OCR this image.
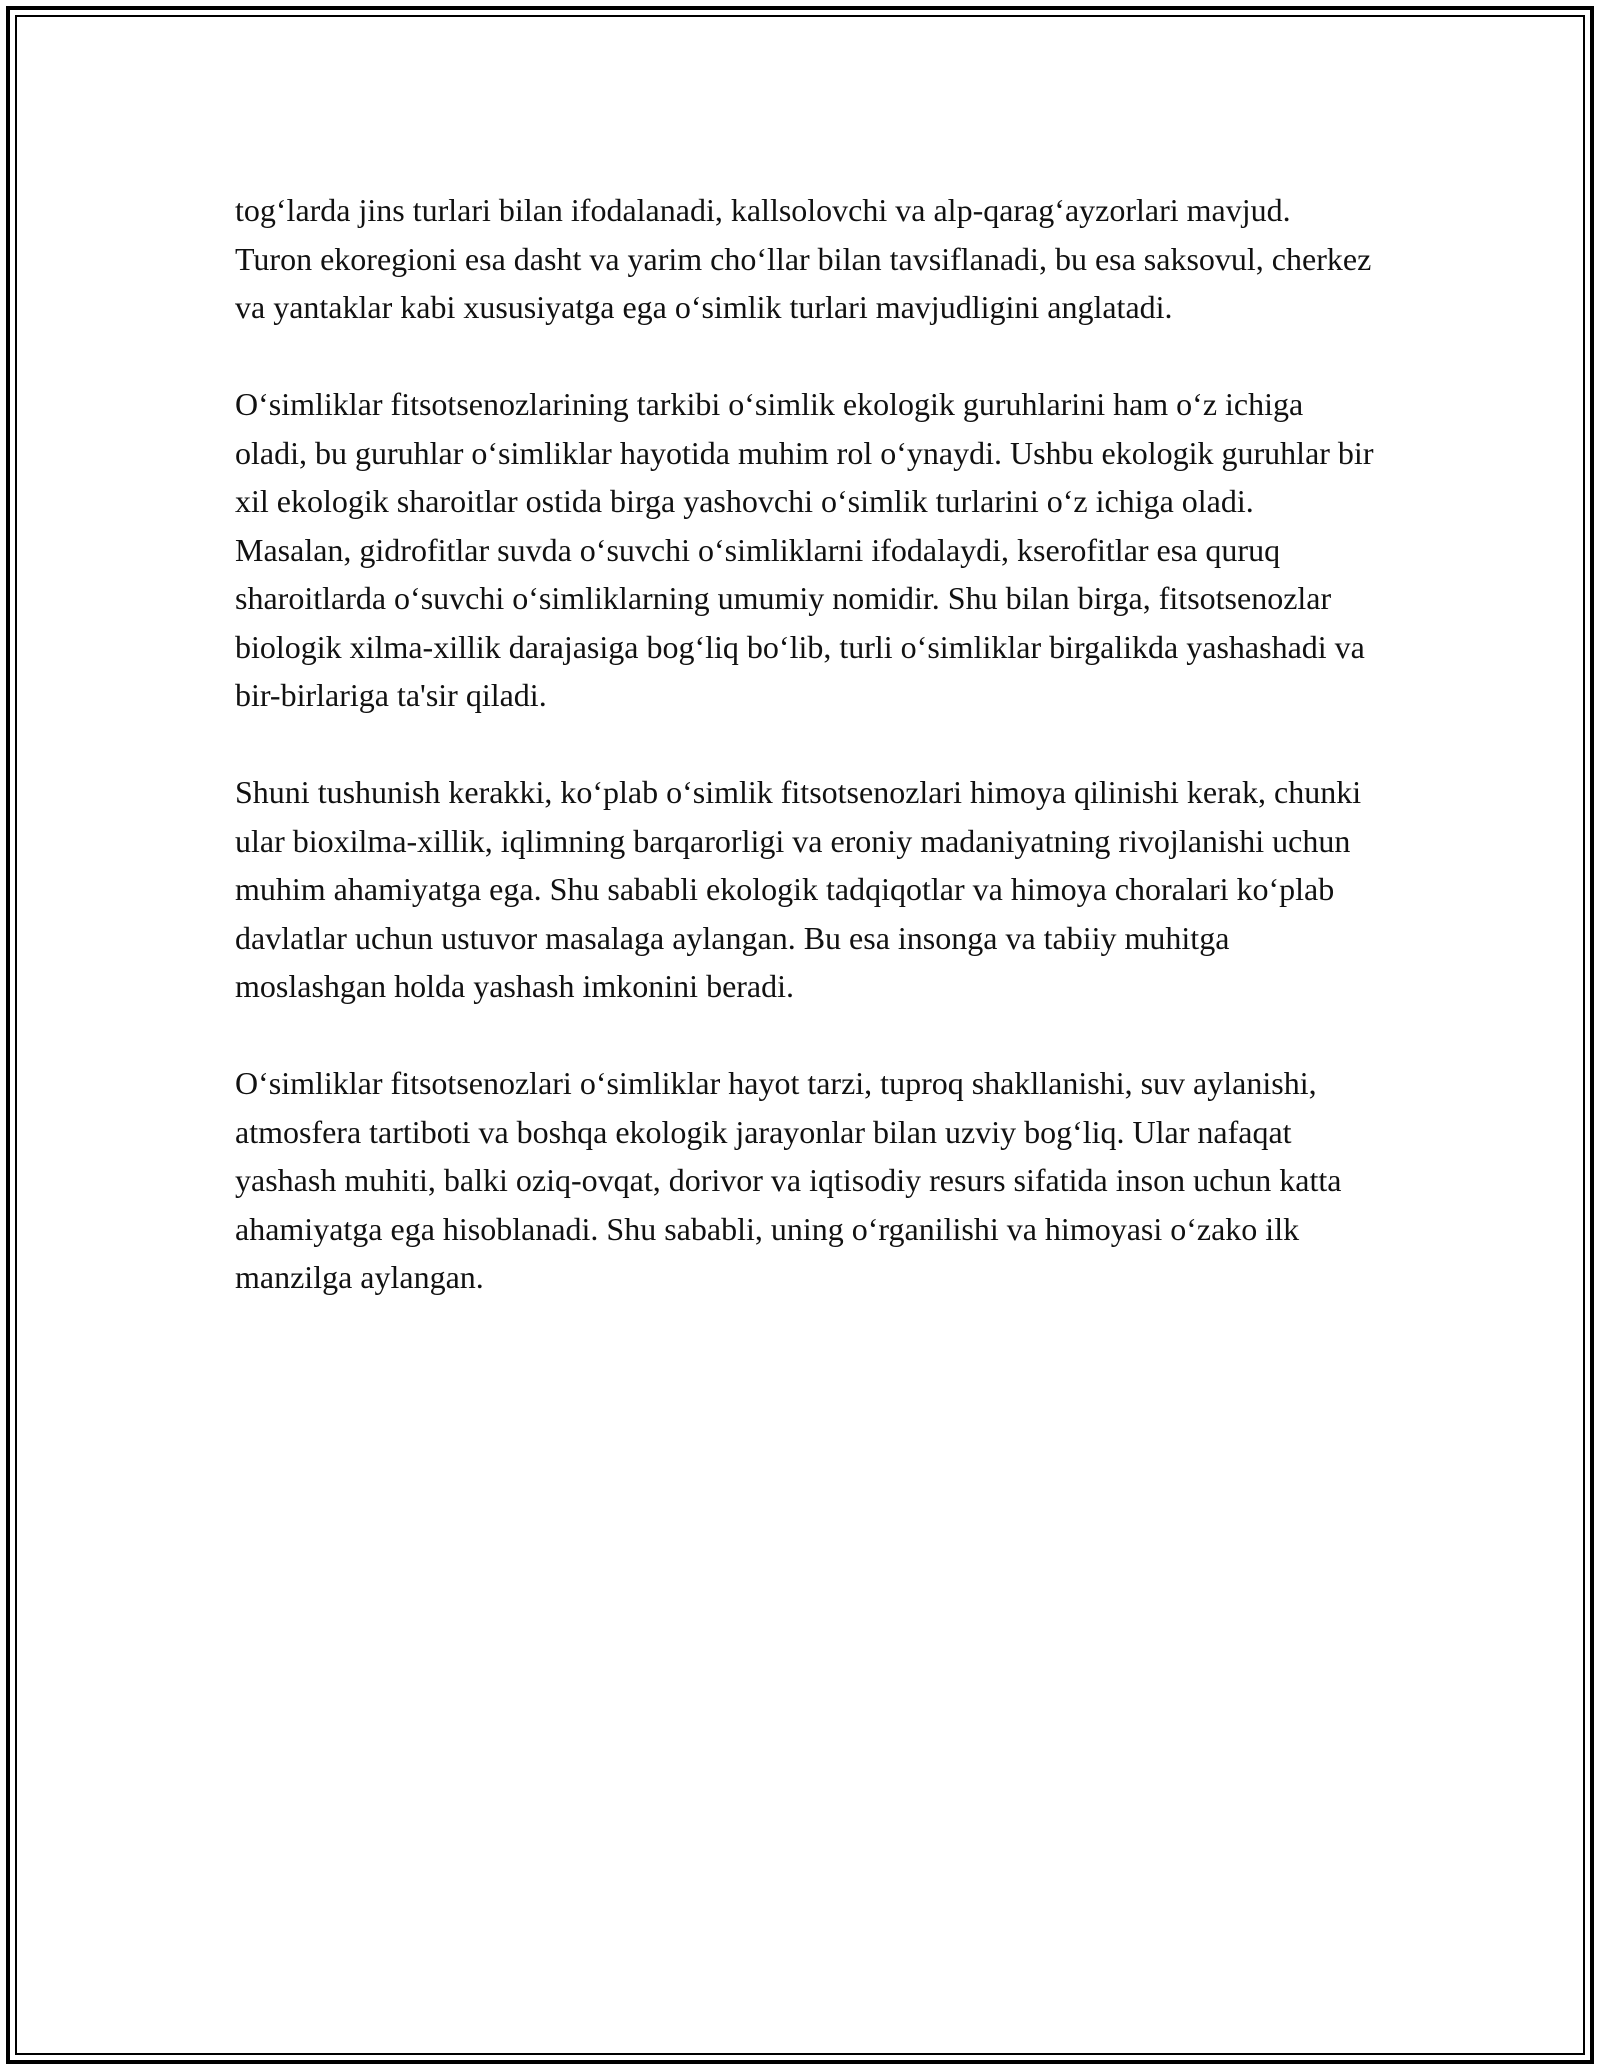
tog‘larda jins turlari bilan ifodalanadi, kallsolovchi va alp-qarag‘ayzorlari mavjud. Turon ekoregioni esa dasht va yarim cho‘llar bilan tavsiflanadi, bu esa saksovul, cherkez va yantaklar kabi xususiyatga ega o‘simlik turlari mavjudligini anglatadi.

O‘simliklar fitsotsenozlarining tarkibi o‘simlik ekologik guruhlarini ham o‘z ichiga oladi, bu guruhlar o‘simliklar hayotida muhim rol o‘ynaydi. Ushbu ekologik guruhlar bir xil ekologik sharoitlar ostida birga yashovchi o‘simlik turlarini o‘z ichiga oladi. Masalan, gidrofitlar suvda o‘suvchi o‘simliklarni ifodalaydi, kserofitlar esa quruq sharoitlarda o‘suvchi o‘simliklarning umumiy nomidir. Shu bilan birga, fitsotsenozlar biologik xilma-xillik darajasiga bog‘liq bo‘lib, turli o‘simliklar birgalikda yashashadi va bir-birlariga ta'sir qiladi.

Shuni tushunish kerakki, ko‘plab o‘simlik fitsotsenozlari himoya qilinishi kerak, chunki ular bioxilma-xillik, iqlimning barqarorligi va eroniy madaniyatning rivojlanishi uchun muhim ahamiyatga ega. Shu sababli ekologik tadqiqotlar va himoya choralari ko‘plab davlatlar uchun ustuvor masalaga aylangan. Bu esa insonga va tabiiy muhitga moslashgan holda yashash imkonini beradi.

O‘simliklar fitsotsenozlari o‘simliklar hayot tarzi, tuproq shakllanishi, suv aylanishi, atmosfera tartiboti va boshqa ekologik jarayonlar bilan uzviy bog‘liq. Ular nafaqat yashash muhiti, balki oziq-ovqat, dorivor va iqtisodiy resurs sifatida inson uchun katta ahamiyatga ega hisoblanadi. Shu sababli, uning o‘rganilishi va himoyasi o‘zako ilk manzilga aylangan.
